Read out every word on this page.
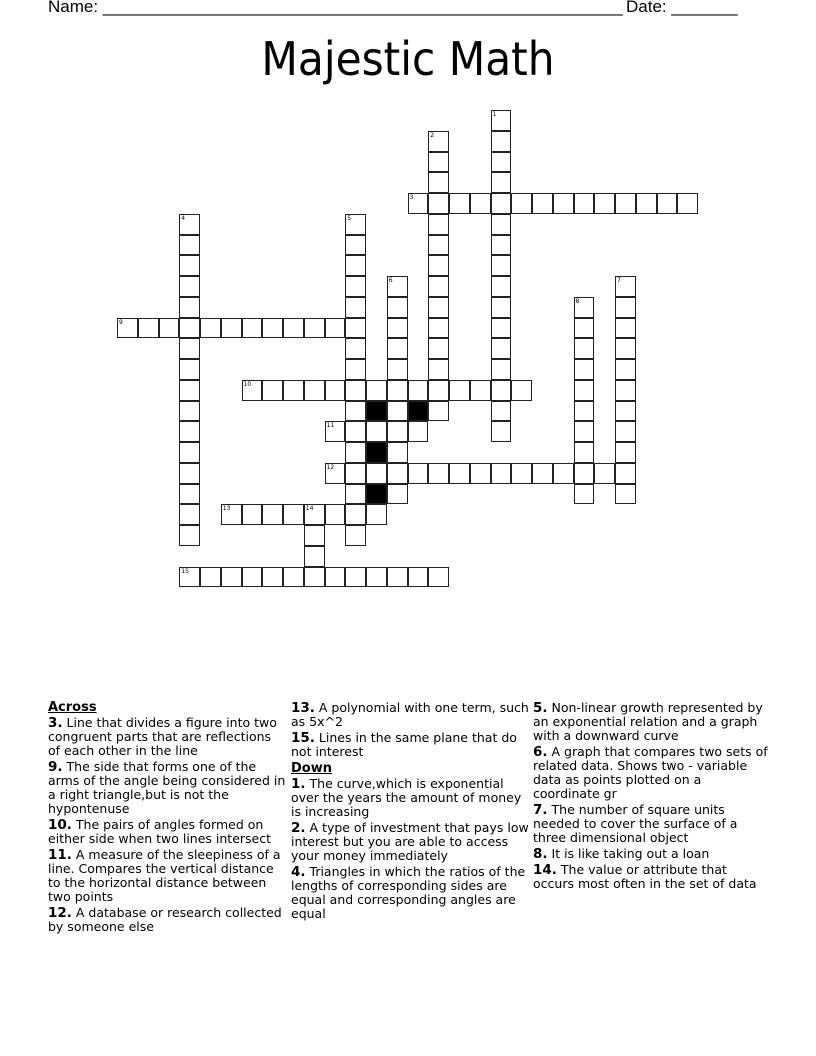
Name: _______________________________________________________ Date: _______
Majestic Math
1
2
3
4	5
6	7
8
9
10
11
12
13	14
15
Across
3. Line that divides a figure into two congruent parts that are reflections of each other in the line
9. The side that forms one of the arms of the angle being considered in a right triangle,but is not the hypontenuse
10. The pairs of angles formed on either side when two lines intersect
11. A measure of the sleepiness of a line. Compares the vertical distance to the horizontal distance between two points
12. A database or research collected by someone else
13. A polynomial with one term, such as 5x^2
15. Lines in the same plane that do not interest
Down
1. The curve,which is exponential over the years the amount of money is increasing
2. A type of investment that pays low interest but you are able to access your money immediately
4. Triangles in which the ratios of the lengths of corresponding sides are equal and corresponding angles are equal
5. Non-linear growth represented by an exponential relation and a graph with a downward curve
6. A graph that compares two sets of related data. Shows two - variable data as points plotted on a coordinate gr
7. The number of square units needed to cover the surface of a three dimensional object
8. It is like taking out a loan
14. The value or attribute that occurs most often in the set of data
